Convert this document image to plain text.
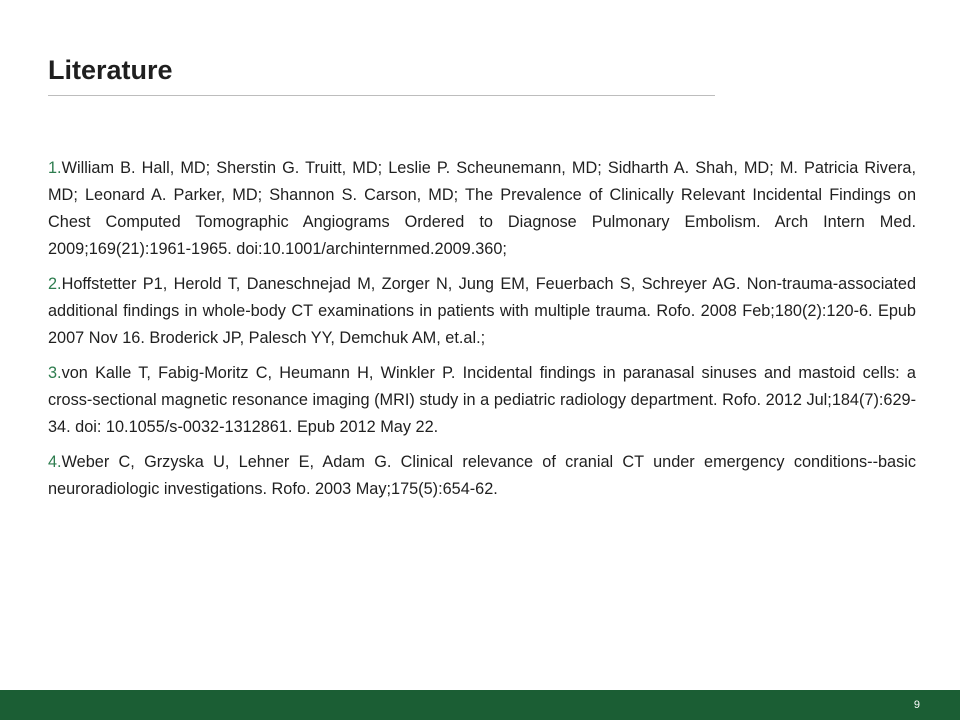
Literature
1.William B. Hall, MD; Sherstin G. Truitt, MD; Leslie P. Scheunemann, MD; Sidharth A. Shah, MD; M. Patricia Rivera, MD; Leonard A. Parker, MD; Shannon S. Carson, MD; The Prevalence of Clinically Relevant Incidental Findings on Chest Computed Tomographic Angiograms Ordered to Diagnose Pulmonary Embolism. Arch Intern Med. 2009;169(21):1961-1965. doi:10.1001/archinternmed.2009.360;
2.Hoffstetter P1, Herold T, Daneschnejad M, Zorger N, Jung EM, Feuerbach S, Schreyer AG. Non-trauma-associated additional findings in whole-body CT examinations in patients with multiple trauma. Rofo. 2008 Feb;180(2):120-6. Epub 2007 Nov 16. Broderick JP, Palesch YY, Demchuk AM, et.al.;
3.von Kalle T, Fabig-Moritz C, Heumann H, Winkler P. Incidental findings in paranasal sinuses and mastoid cells: a cross-sectional magnetic resonance imaging (MRI) study in a pediatric radiology department. Rofo. 2012 Jul;184(7):629-34. doi: 10.1055/s-0032-1312861. Epub 2012 May 22.
4.Weber C, Grzyska U, Lehner E, Adam G. Clinical relevance of cranial CT under emergency conditions--basic neuroradiologic investigations. Rofo. 2003 May;175(5):654-62.
9
